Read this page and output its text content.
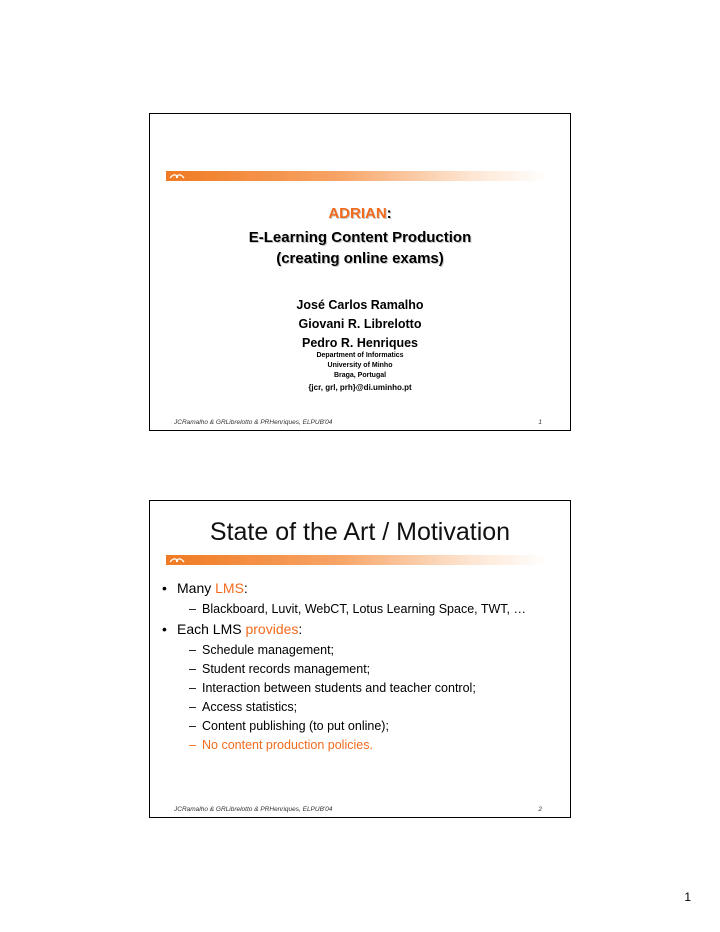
ADRIAN:
E-Learning Content Production
(creating online exams)
José Carlos Ramalho
Giovani R. Librelotto
Pedro R. Henriques
Department of Informatics
University of Minho
Braga, Portugal
{jcr, grl, prh}@di.uminho.pt
JCRamalho & GRLibrelotto & PRHenriques, ELPUB'04	1
State of the Art / Motivation
• Many LMS:
– Blackboard, Luvit, WebCT, Lotus Learning Space, TWT, …
• Each LMS provides:
– Schedule management;
– Student records management;
– Interaction between students and teacher control;
– Access statistics;
– Content publishing (to put online);
– No content production policies.
JCRamalho & GRLibrelotto & PRHenriques, ELPUB'04	2
1
